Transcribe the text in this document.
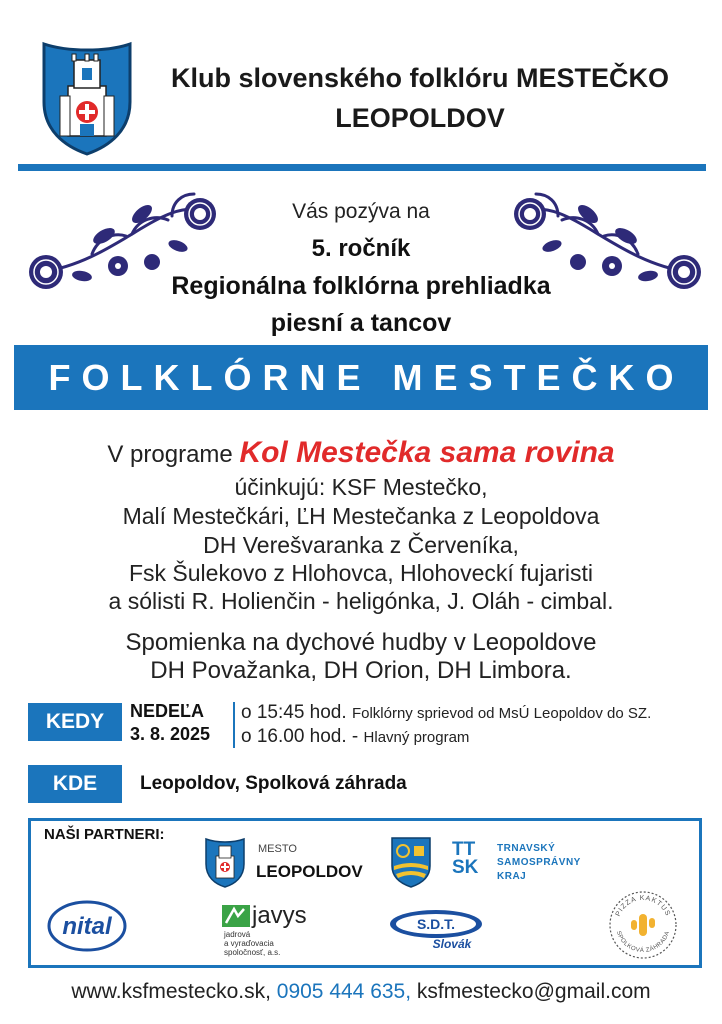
Klub slovenského folklóru MESTEČKO
LEOPOLDOV
Vás pozýva na
5. ročník
Regionálna folklórna prehliadka
piesní a tancov
FOLKLÓRNE MESTEČKO
V programe Kol Mestečka sama rovina
účinkujú: KSF Mestečko,
Malí Mestečkári, ĽH Mestečanka z Leopoldova
DH Verešvaranka z Červeníka,
Fsk Šulekovo z Hlohovca, Hlohoveckí fujaristi
a sólisti R. Holienčin - heligónka, J. Oláh - cimbal.
Spomienka na dychové hudby v Leopoldove
DH Považanka, DH Orion, DH Limbora.
KEDY	NEDEĽA
3. 8. 2025
o 15:45 hod. Folklórny sprievod od MsÚ Leopoldov do SZ.
o 16.00 hod. - Hlavný program
KDE	Leopoldov, Spolková záhrada
NAŠI PARTNERI:
MESTO
LEOPOLDOV
TT
SK
TRNAVSKÝ
SAMOSPRÁVNY
KRAJ
nital	javys
jadrová
a vyraďovacia
spoločnosť, a.s.
S.D.T.
Slovák
PIZZA KAKTUS
SPOLKOVÁ ZÁHRADA
www.ksfmestecko.sk, 0905 444 635, ksfmestecko@gmail.com
